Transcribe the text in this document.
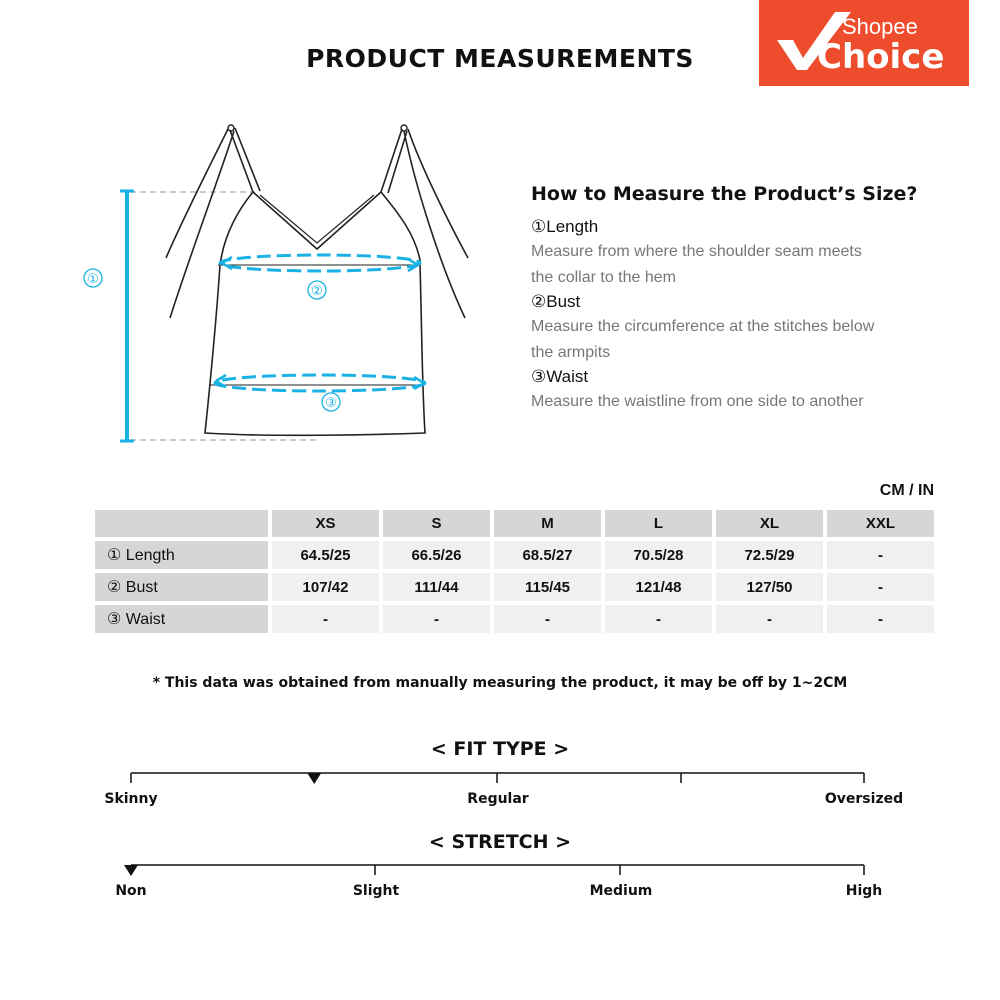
PRODUCT MEASUREMENTS
Shopee
Choice
①
②
③
How to Measure the Product’s Size?
①Length
Measure from where the shoulder seam meets
the collar to the hem
②Bust
Measure the circumference at the stitches below
the armpits
③Waist
Measure the waistline from one side to another
CM / IN
	XS	S	M	L	XL	XXL
① Length	64.5/25	66.5/26	68.5/27	70.5/28	72.5/29	-
② Bust	107/42	111/44	115/45	121/48	127/50	-
③ Waist	-	-	-	-	-	-
* This data was obtained from manually measuring the product, it may be off by 1~2CM
< FIT TYPE >
Skinny	Regular	Oversized
< STRETCH >
Non	Slight	Medium	High
